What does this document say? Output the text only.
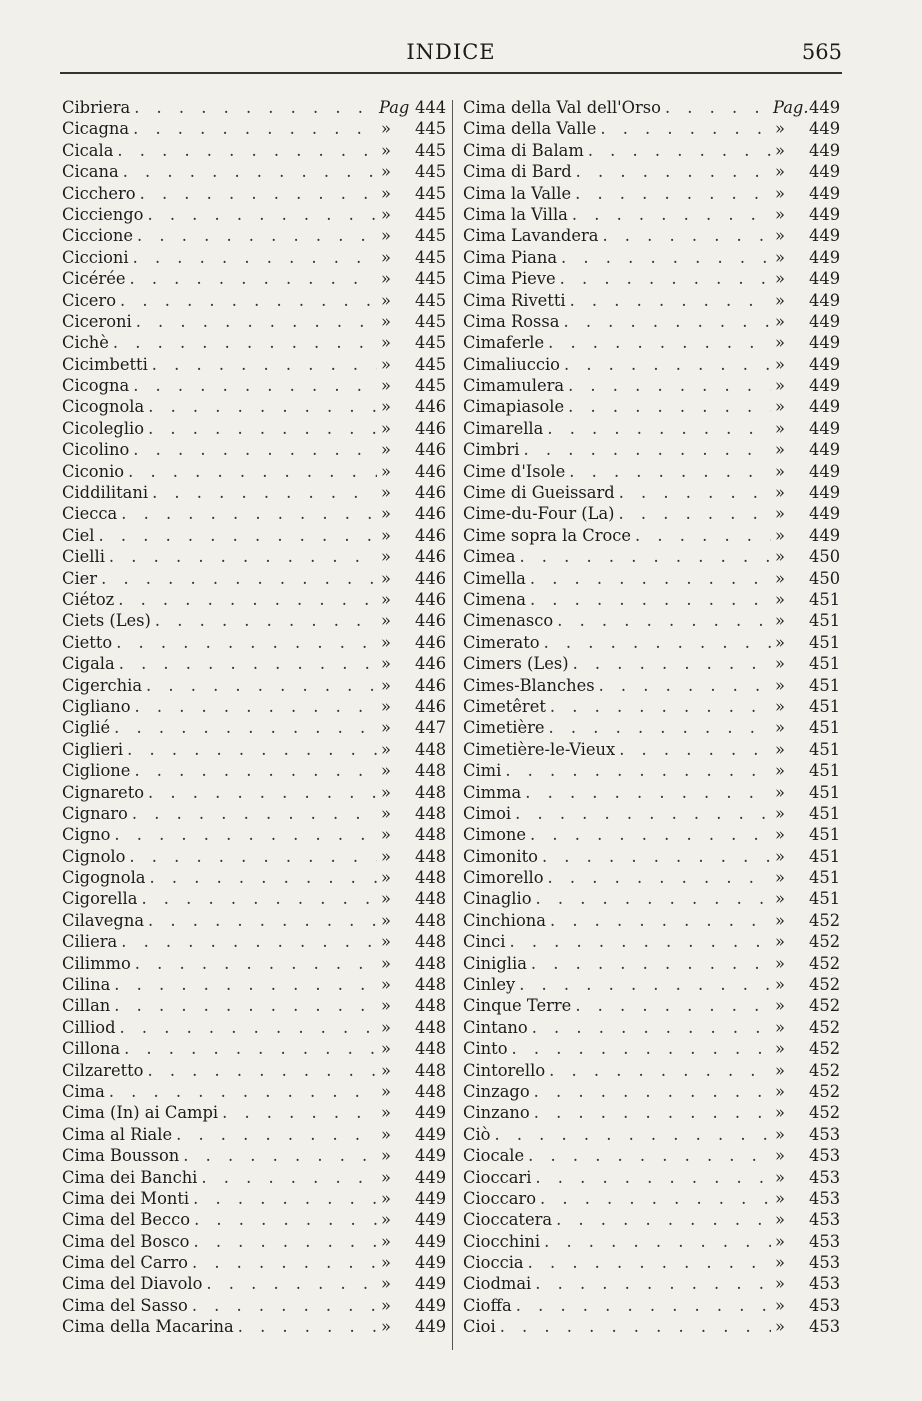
INDICE	565
Cibriera . . .	Pag 444
Cicagna . . .	»	445
Cicala . . .	»	445
Cicana . . .	»	445
Cicchero . . .	»	445
Cicciengo . . .	»	445
Ciccione . . .	»	445
Ciccioni . . .	»	445
Cicérée . . .	»	445
Cicero . . .	»	445
Ciceroni . . .	»	445
Cichè . . .	»	445
Cicimbetti . . .	»	445
Cicogna . . .	»	445
Cicognola . . .	»	446
Cicoleglio . . .	»	446
Cicolino . . .	»	446
Ciconio . . .	»	446
Ciddilitani . . .	»	446
Ciecca . . .	»	446
Ciel . . .	»	446
Cielli . . .	»	446
Cier . . .	»	446
Ciétoz . . .	»	446
Ciets (Les) . . .	»	446
Cietto . . .	»	446
Cigala . . .	»	446
Cigerchia . . .	»	446
Cigliano . . .	»	446
Ciglié . . .	»	447
Ciglieri . . .	»	448
Ciglione . . .	»	448
Cignareto . . .	»	448
Cignaro . . .	»	448
Cigno . . .	»	448
Cignolo . . .	»	448
Cigognola . . .	»	448
Cigorella . . .	»	448
Cilavegna . . .	»	448
Ciliera . . .	»	448
Cilimmo . . .	»	448
Cilina . . .	»	448
Cillan . . .	»	448
Cilliod . . .	»	448
Cillona . . .	»	448
Cilzaretto . . .	»	448
Cima . . .	»	448
Cima (In) ai Campi . . .	»	449
Cima al Riale . . .	»	449
Cima Bousson . . .	»	449
Cima dei Banchi . . .	»	449
Cima dei Monti . . .	»	449
Cima del Becco . . .	»	449
Cima del Bosco . . .	»	449
Cima del Carro . . .	»	449
Cima del Diavolo . . .	»	449
Cima del Sasso . . .	»	449
Cima della Macarina . . .	»	449
Cima della Val dell'Orso . . .	Pag. 449
Cima della Valle . . .	»	449
Cima di Balam . . .	»	449
Cima di Bard . . .	»	449
Cima la Valle . . .	»	449
Cima la Villa . . .	»	449
Cima Lavandera . . .	»	449
Cima Piana . . .	»	449
Cima Pieve . . .	»	449
Cima Rivetti . . .	»	449
Cima Rossa . . .	»	449
Cimaferle . . .	»	449
Cimaliuccio . . .	»	449
Cimamulera . . .	»	449
Cimapiasole . . .	»	449
Cimarella . . .	»	449
Cimbri . . .	»	449
Cime d'Isole . . .	»	449
Cime di Gueissard . . .	»	449
Cime-du-Four (La) . . .	»	449
Cime sopra la Croce . . .	»	449
Cimea . . .	»	450
Cimella . . .	»	450
Cimena . . .	»	451
Cimenasco . . .	»	451
Cimerato . . .	»	451
Cimers (Les) . . .	»	451
Cimes-Blanches . . .	»	451
Cimetêret . . .	»	451
Cimetière . . .	»	451
Cimetière-le-Vieux . . .	»	451
Cimi . . .	»	451
Cimma . . .	»	451
Cimoi . . .	»	451
Cimone . . .	»	451
Cimonito . . .	»	451
Cimorello . . .	»	451
Cinaglio . . .	»	451
Cinchiona . . .	»	452
Cinci . . .	»	452
Ciniglia . . .	»	452
Cinley . . .	»	452
Cinque Terre . . .	»	452
Cintano . . .	»	452
Cinto . . .	»	452
Cintorello . . .	»	452
Cinzago . . .	»	452
Cinzano . . .	»	452
Ciò . . .	»	453
Ciocale . . .	»	453
Cioccari . . .	»	453
Cioccaro . . .	»	453
Cioccatera . . .	»	453
Ciocchini . . .	»	453
Cioccia . . .	»	453
Ciodmai . . .	»	453
Cioffa . . .	»	453
Cioi . . .	»	453
